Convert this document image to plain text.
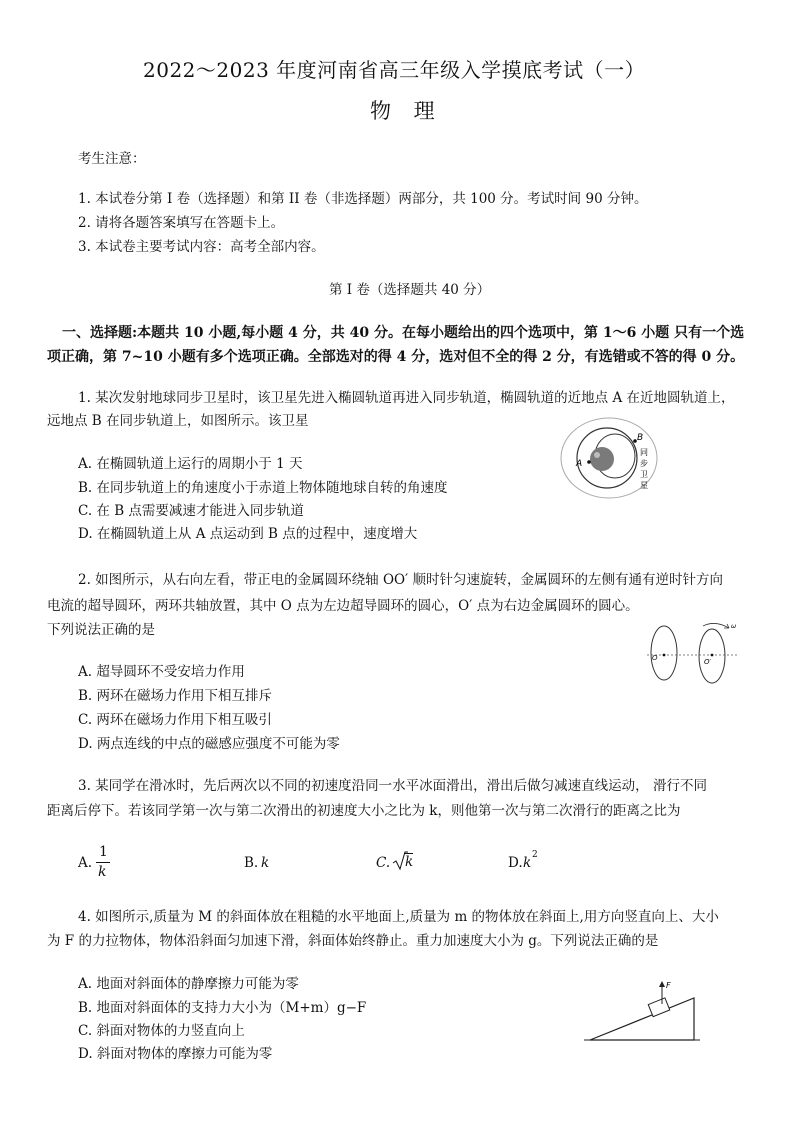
2022～2023 年度河南省高三年级入学摸底考试（一）
物 理
考生注意：
1. 本试卷分第 I 卷（选择题）和第 II 卷（非选择题）两部分，共 100 分。考试时间 90 分钟。
2. 请将各题答案填写在答题卡上。
3. 本试卷主要考试内容：高考全部内容。
第 I 卷（选择题共 40 分）
一、选择题:本题共 10 小题,每小题 4 分，共 40 分。在每小题给出的四个选项中，第 1～6 小题 只有一个选
项正确，第 7~10 小题有多个选项正确。全部选对的得 4 分，选对但不全的得 2 分，有选错或不答的得 0 分。
1. 某次发射地球同步卫星时，该卫星先进入椭圆轨道再进入同步轨道，椭圆轨道的近地点 A 在近地圆轨道上，
远地点 B 在同步轨道上，如图所示。该卫星
A. 在椭圆轨道上运行的周期小于 1 天
B. 在同步轨道上的角速度小于赤道上物体随地球自转的角速度
C. 在 B 点需要减速才能进入同步轨道
D. 在椭圆轨道上从 A 点运动到 B 点的过程中，速度增大
A
B
同
步
卫
星
2. 如图所示，从右向左看，带正电的金属圆环绕轴 OO′ 顺时针匀速旋转，金属圆环的左侧有通有逆时针方向
电流的超导圆环，两环共轴放置，其中 O 点为左边超导圆环的圆心，O′ 点为右边金属圆环的圆心。
下列说法正确的是
A. 超导圆环不受安培力作用
B. 两环在磁场力作用下相互排斥
C. 两环在磁场力作用下相互吸引
D. 两点连线的中点的磁感应强度不可能为零
ω
O	O′
3. 某同学在滑冰时，先后两次以不同的初速度沿同一水平冰面滑出，滑出后做匀减速直线运动， 滑行不同
距离后停下。若该同学第一次与第二次滑出的初速度大小之比为 k，则他第一次与第二次滑行的距离之比为
A.
1
k
B. k	C. k	D. k 2
4. 如图所示,质量为 M 的斜面体放在粗糙的水平地面上,质量为 m 的物体放在斜面上,用方向竖直向上、大小
为 F 的力拉物体，物体沿斜面匀加速下滑，斜面体始终静止。重力加速度大小为 g。下列说法正确的是
A. 地面对斜面体的静摩擦力可能为零
B. 地面对斜面体的支持力大小为（M+m）g−F
C. 斜面对物体的力竖直向上
D. 斜面对物体的摩擦力可能为零
F
